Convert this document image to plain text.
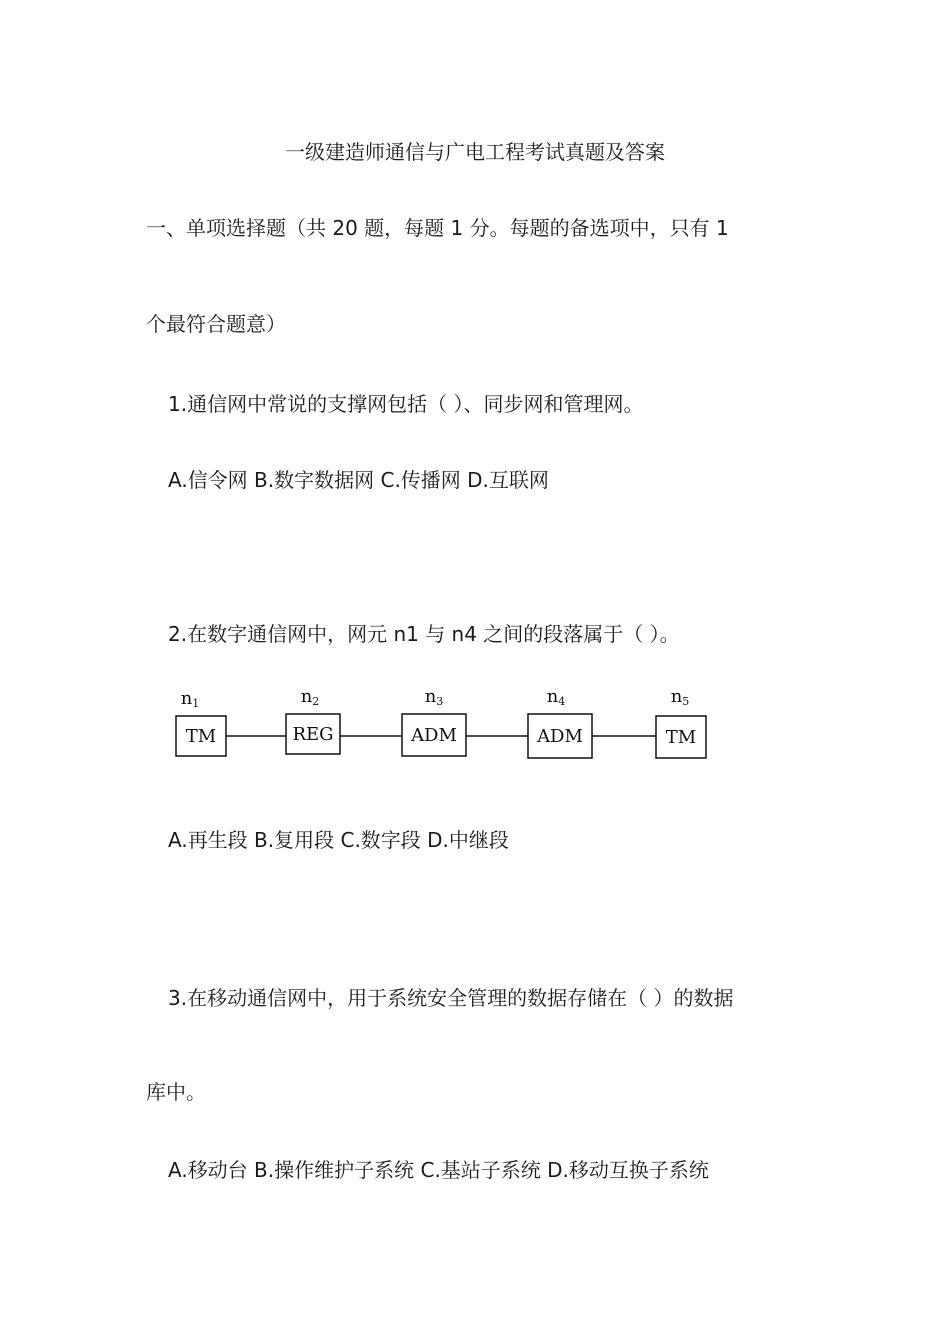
一级建造师通信与广电工程考试真题及答案
一、单项选择题（共 20 题，每题 1 分。每题的备选项中，只有 1
个最符合题意）
1.通信网中常说的支撑网包括（ ）、同步网和管理网。
A.信令网 B.数字数据网 C.传播网 D.互联网
2.在数字通信网中，网元 n1 与 n4 之间的段落属于（ ）。
n1
TM
n2
REG
n3
ADM
n4
ADM
n5
TM
A.再生段 B.复用段 C.数字段 D.中继段
3.在移动通信网中，用于系统安全管理的数据存储在（ ）的数据
库中。
A.移动台 B.操作维护子系统 C.基站子系统 D.移动互换子系统
